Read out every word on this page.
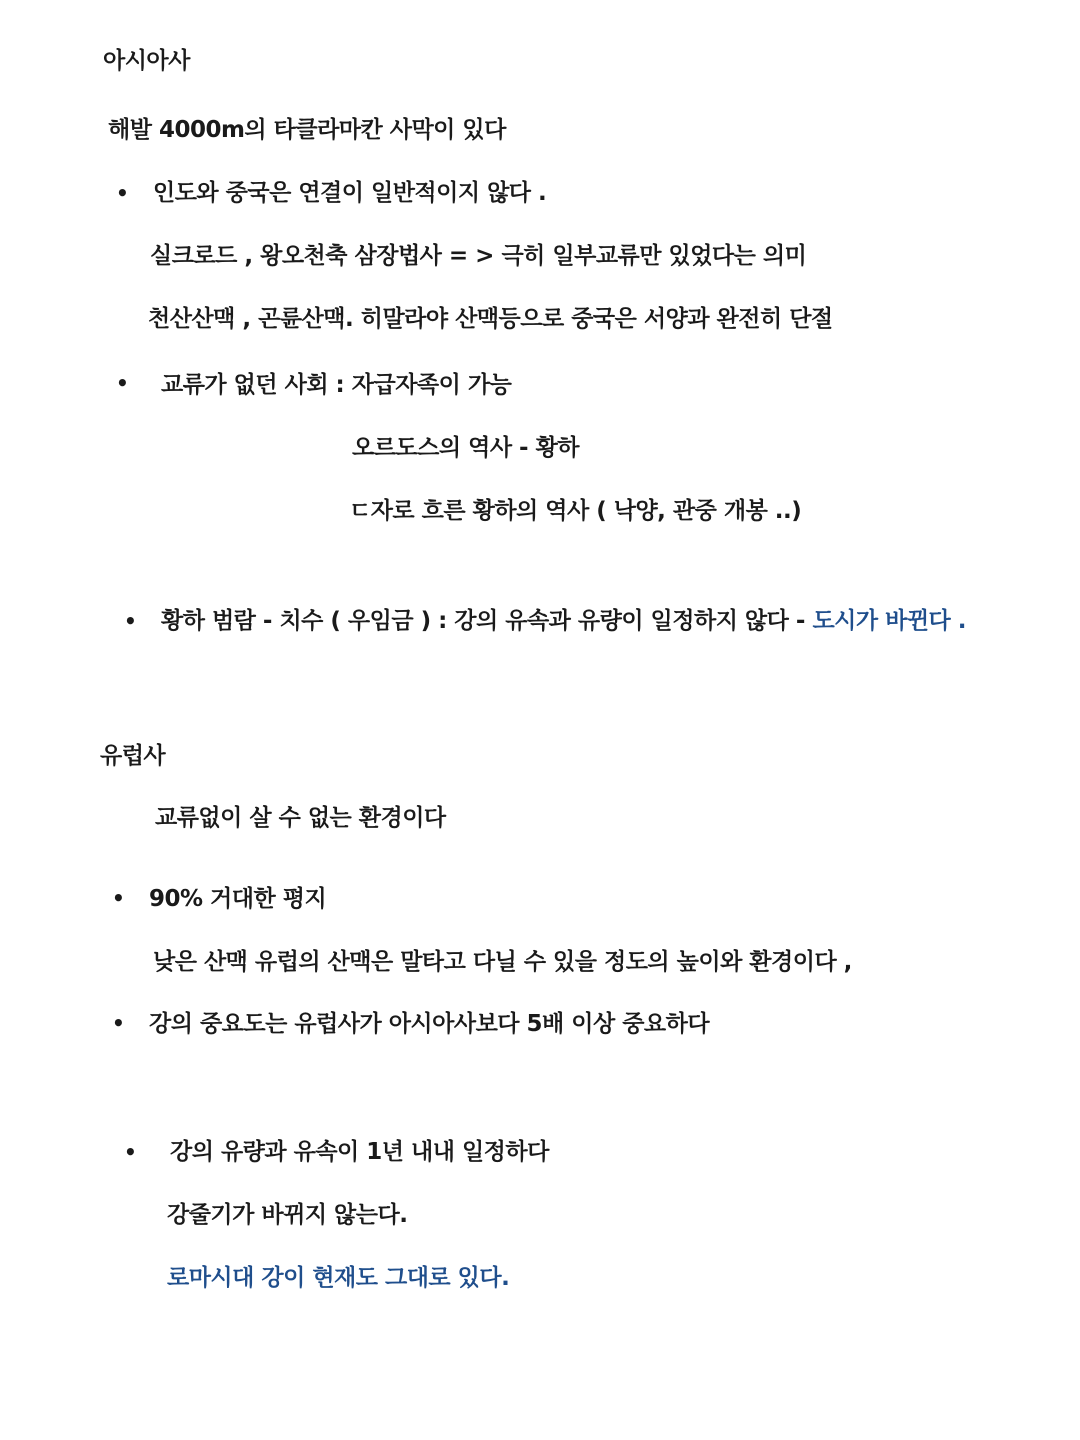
아시아사
해발 4000m의 타클라마칸 사막이 있다
• 인도와 중국은 연결이 일반적이지 않다 .
실크로드 , 왕오천축 삼장법사 = > 극히 일부교류만 있었다는 의미
천산산맥 , 곤륜산맥. 히말라야 산맥등으로 중국은 서양과 완전히 단절
• 교류가 없던 사회 : 자급자족이 가능
오르도스의 역사 - 황하
ㄷ자로 흐른 황하의 역사 ( 낙양, 관중 개봉 ..)
• 황하 범람 - 치수 ( 우임금 ) : 강의 유속과 유량이 일정하지 않다 - 도시가 바뀐다 .
유럽사
교류없이 살 수 없는 환경이다
• 90% 거대한 평지
낮은 산맥 유럽의 산맥은 말타고 다닐 수 있을 정도의 높이와 환경이다 ,
• 강의 중요도는 유럽사가 아시아사보다 5배 이상 중요하다
• 강의 유량과 유속이 1년 내내 일정하다
강줄기가 바뀌지 않는다.
로마시대 강이 현재도 그대로 있다.
